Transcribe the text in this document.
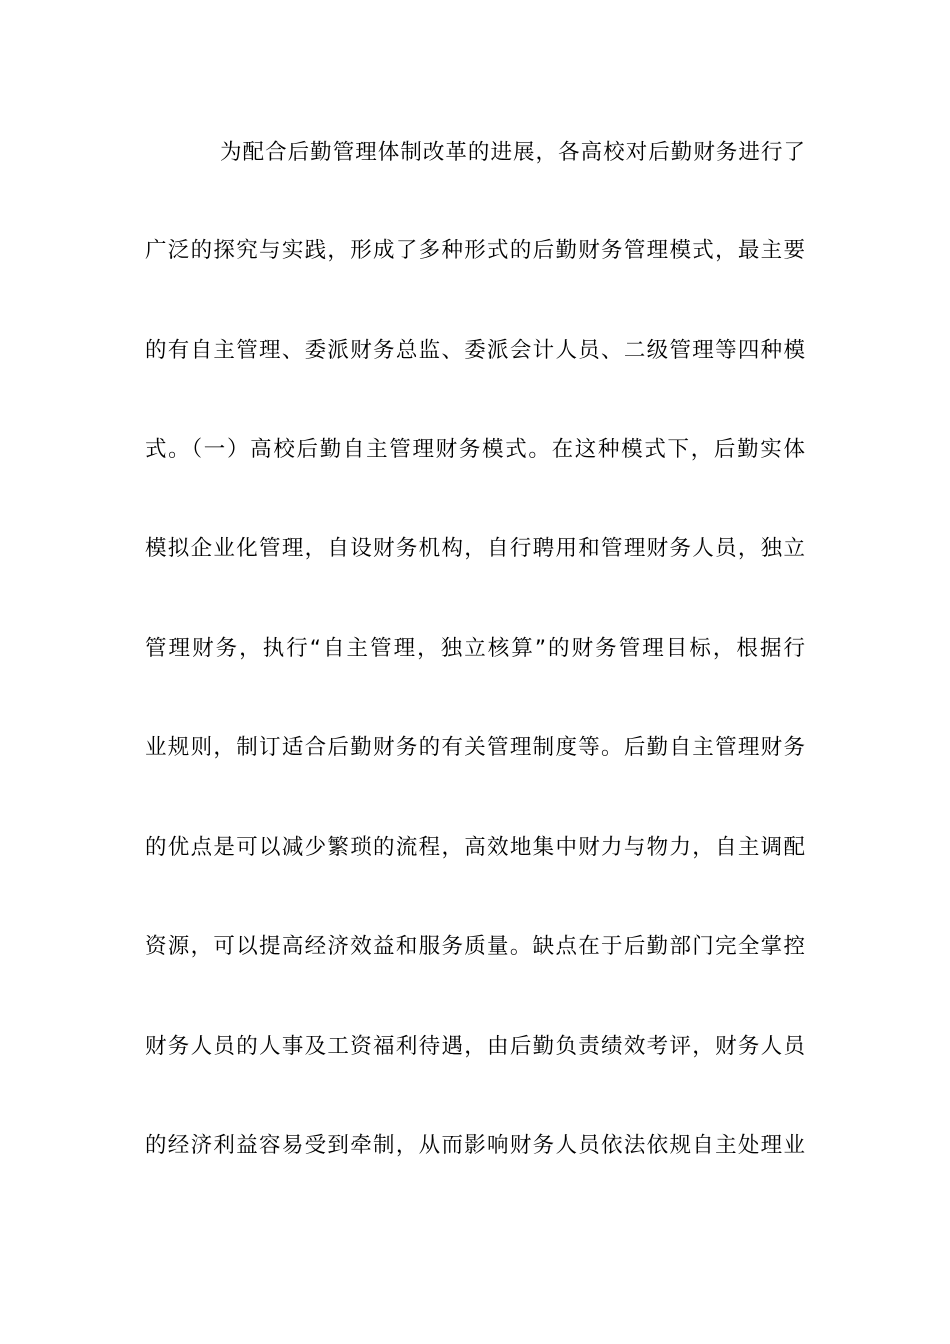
为配合后勤管理体制改革的进展，各高校对后勤财务进行了
广泛的探究与实践，形成了多种形式的后勤财务管理模式，最主要
的有自主管理、委派财务总监、委派会计人员、二级管理等四种模
式。（一）高校后勤自主管理财务模式。在这种模式下，后勤实体
模拟企业化管理，自设财务机构，自行聘用和管理财务人员，独立
管理财务，执行“自主管理，独立核算”的财务管理目标，根据行
业规则，制订适合后勤财务的有关管理制度等。后勤自主管理财务
的优点是可以减少繁琐的流程，高效地集中财力与物力，自主调配
资源，可以提高经济效益和服务质量。缺点在于后勤部门完全掌控
财务人员的人事及工资福利待遇，由后勤负责绩效考评，财务人员
的经济利益容易受到牵制，从而影响财务人员依法依规自主处理业
